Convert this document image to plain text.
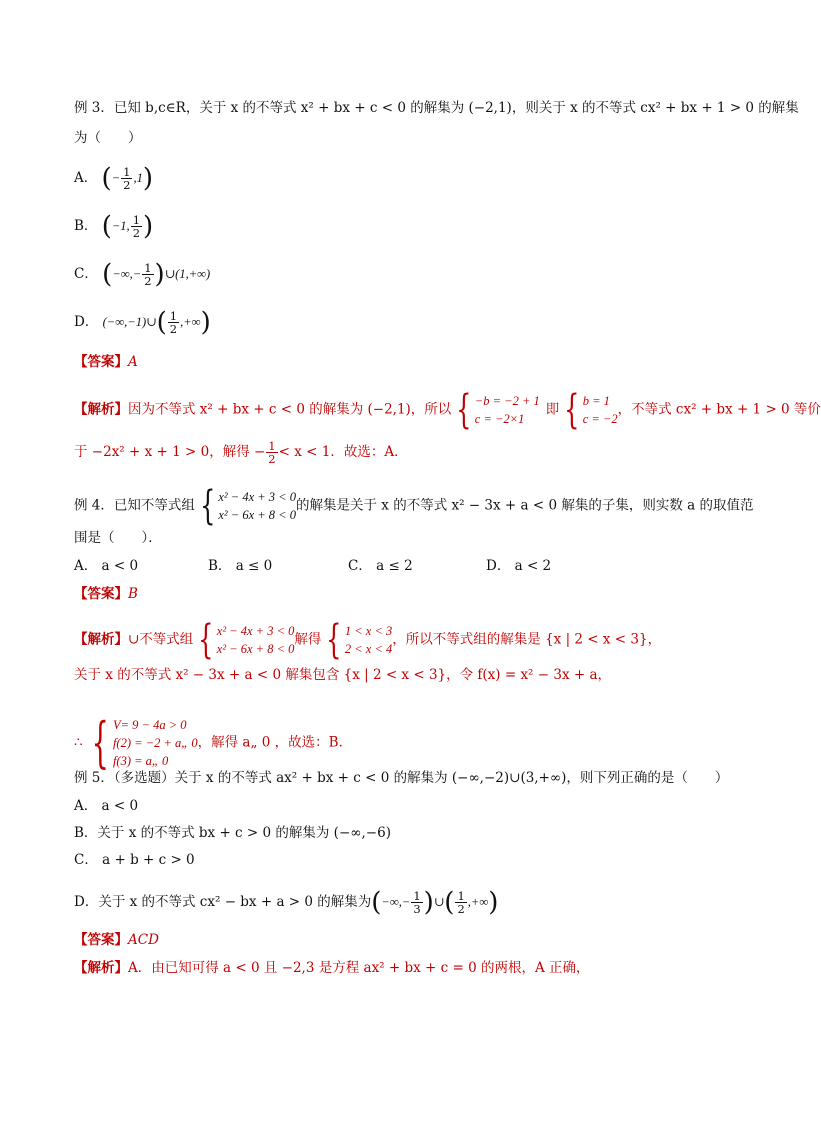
例 3．已知 b,c∈R，关于 x 的不等式 x² + bx + c < 0 的解集为 (−2,1)，则关于 x 的不等式 cx² + bx + 1 > 0 的解集
为（　　）
A． (− $\frac{1}{2} ,1$)
B． (−1, $\frac{1}{2}$ )
C． (−∞,− $\frac{1}{2}$ )∪(1,+∞)
D． (−∞,−1)∪( $\frac{1}{2}$ ,+∞)
【答案】A
【解析】因为不等式 x² + bx + c < 0 的解集为 (−2,1)，所以 { −b = −2 + 1
c = −2×1
即 { b = 1
c = −2
，不等式 cx² + bx + 1 > 0 等价
于 −2x² + x + 1 > 0，解得 − $\frac{1}{2} < x < 1$．故选：A．
例 4．已知不等式组 { x² − 4x + 3 < 0
x² − 6x + 8 < 0
的解集是关于 x 的不等式 x² − 3x + a < 0 解集的子集，则实数 a 的取值范
围是（　　）．
A． a < 0	B． a ≤ 0	C． a ≤ 2	D． a < 2
【答案】B
【解析】∪不等式组 { x² − 4x + 3 < 0
x² − 6x + 8 < 0
解得 { 1 < x < 3
2 < x < 4
，所以不等式组的解集是 {x | 2 < x < 3}，
关于 x 的不等式 x² − 3x + a < 0 解集包含 {x | 2 < x < 3}，令 f(x) = x² − 3x + a，
∴ { V= 9 − 4a > 0
f(2) = −2 + a„ 0
f(3) = a„ 0
，解得 a„ 0 ，故选：B．
例 5．（多选题）关于 x 的不等式 ax² + bx + c < 0 的解集为 (−∞,−2)∪(3,+∞)，则下列正确的是（　　）
A． a < 0
B．关于 x 的不等式 bx + c > 0 的解集为 (−∞,−6)
C． a + b + c > 0
D．关于 x 的不等式 cx² − bx + a > 0 的解集为(−∞,− $\frac{1}{3}$ )∪( $\frac{1}{2}$ ,+∞)
【答案】ACD
【解析】A．由已知可得 a < 0 且 −2,3 是方程 ax² + bx + c = 0 的两根，A 正确，
